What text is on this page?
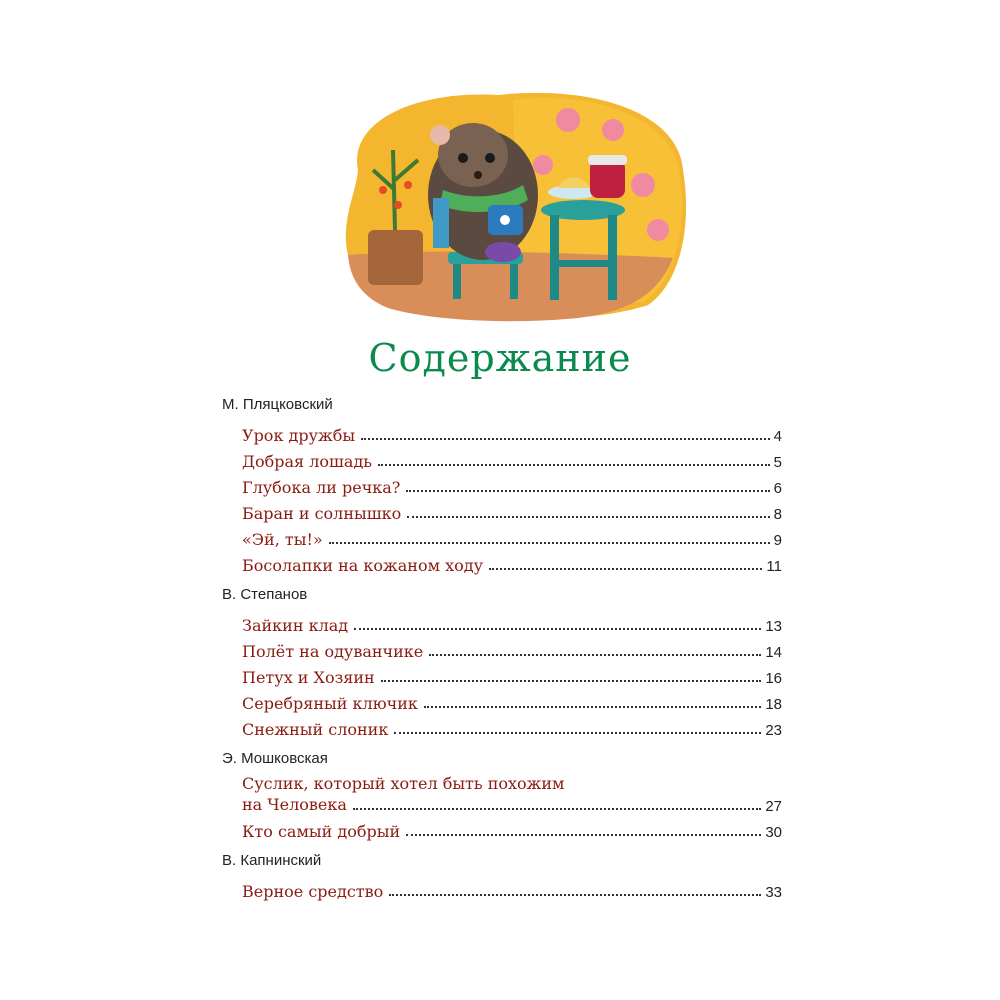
Содержание

М. Пляцковский

Урок дружбы	4
Добрая лошадь	5
Глубока ли речка?	6
Баран и солнышко	8
«Эй, ты!»	9
Босолапки на кожаном ходу	11

В. Степанов

Зайкин клад	13
Полёт на одуванчике	14
Петух и Хозяин	16
Серебряный ключик	18
Снежный слоник	23

Э. Мошковская

Суслик, который хотел быть похожим
на Человека	27
Кто самый добрый	30

В. Капнинский

Верное средство	33
